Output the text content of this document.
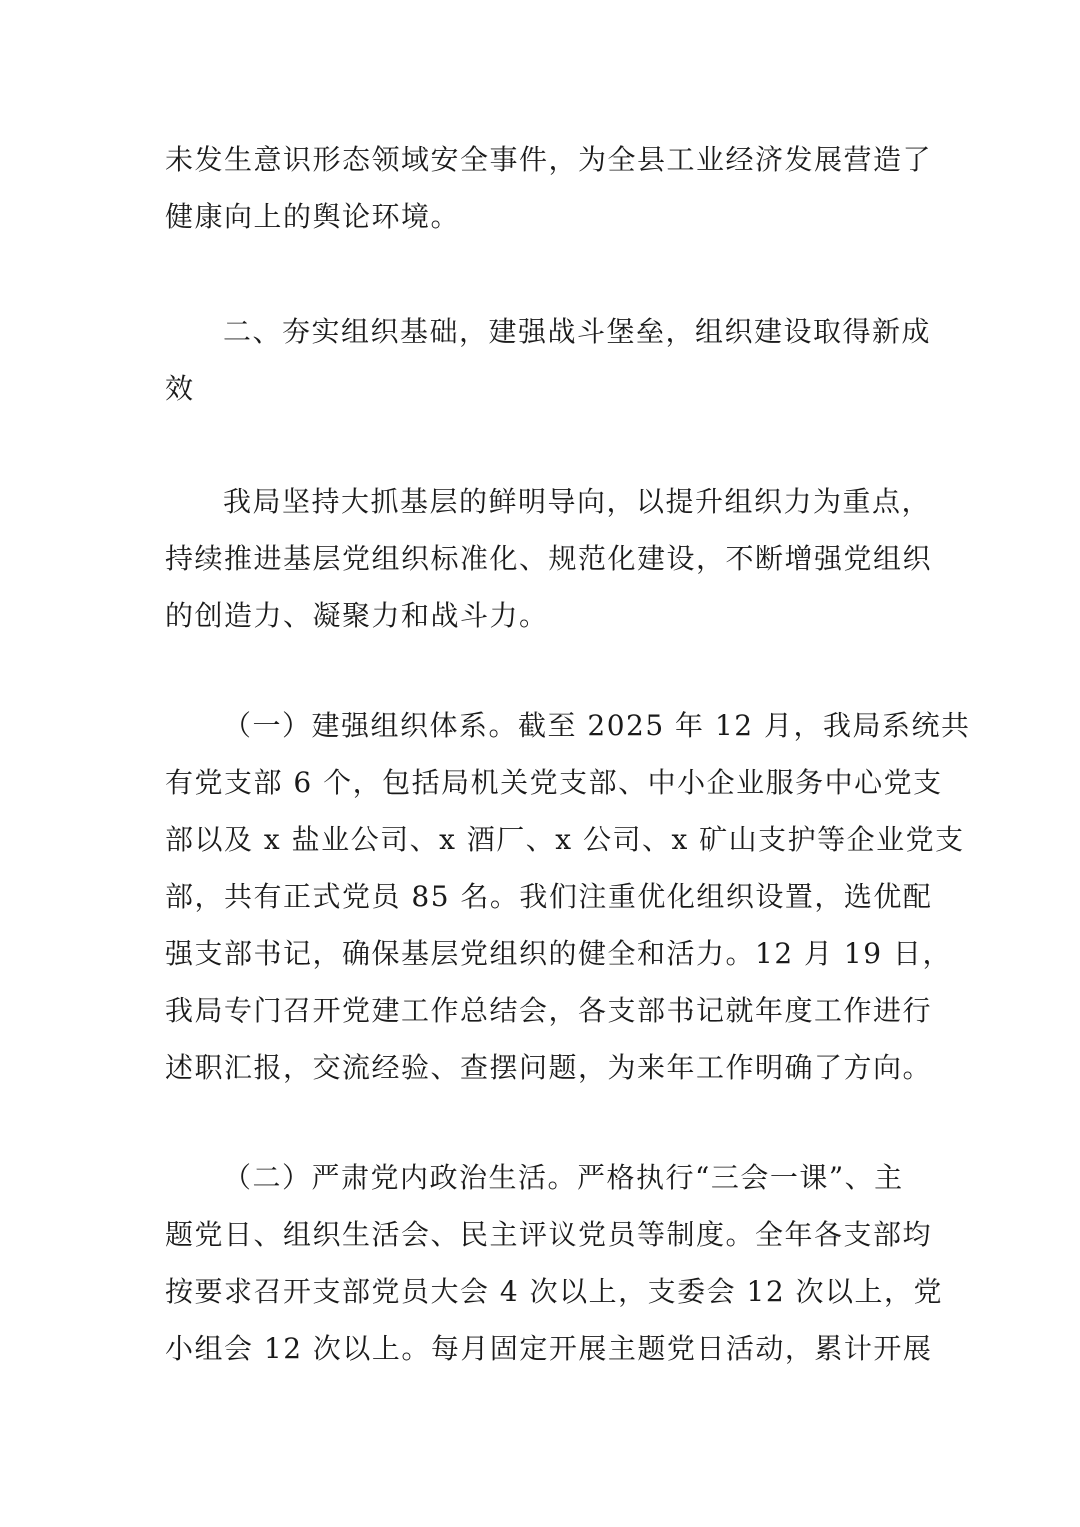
未发生意识形态领域安全事件，为全县工业经济发展营造了
健康向上的舆论环境。
二、夯实组织基础，建强战斗堡垒，组织建设取得新成
效
我局坚持大抓基层的鲜明导向，以提升组织力为重点，
持续推进基层党组织标准化、规范化建设，不断增强党组织
的创造力、凝聚力和战斗力。
（一）建强组织体系。截至 2025 年 12 月，我局系统共
有党支部 6 个，包括局机关党支部、中小企业服务中心党支
部以及 x 盐业公司、x 酒厂、x 公司、x 矿山支护等企业党支
部，共有正式党员 85 名。我们注重优化组织设置，选优配
强支部书记，确保基层党组织的健全和活力。12 月 19 日，
我局专门召开党建工作总结会，各支部书记就年度工作进行
述职汇报，交流经验、查摆问题，为来年工作明确了方向。
（二）严肃党内政治生活。严格执行“三会一课”、主
题党日、组织生活会、民主评议党员等制度。全年各支部均
按要求召开支部党员大会 4 次以上，支委会 12 次以上，党
小组会 12 次以上。每月固定开展主题党日活动，累计开展
